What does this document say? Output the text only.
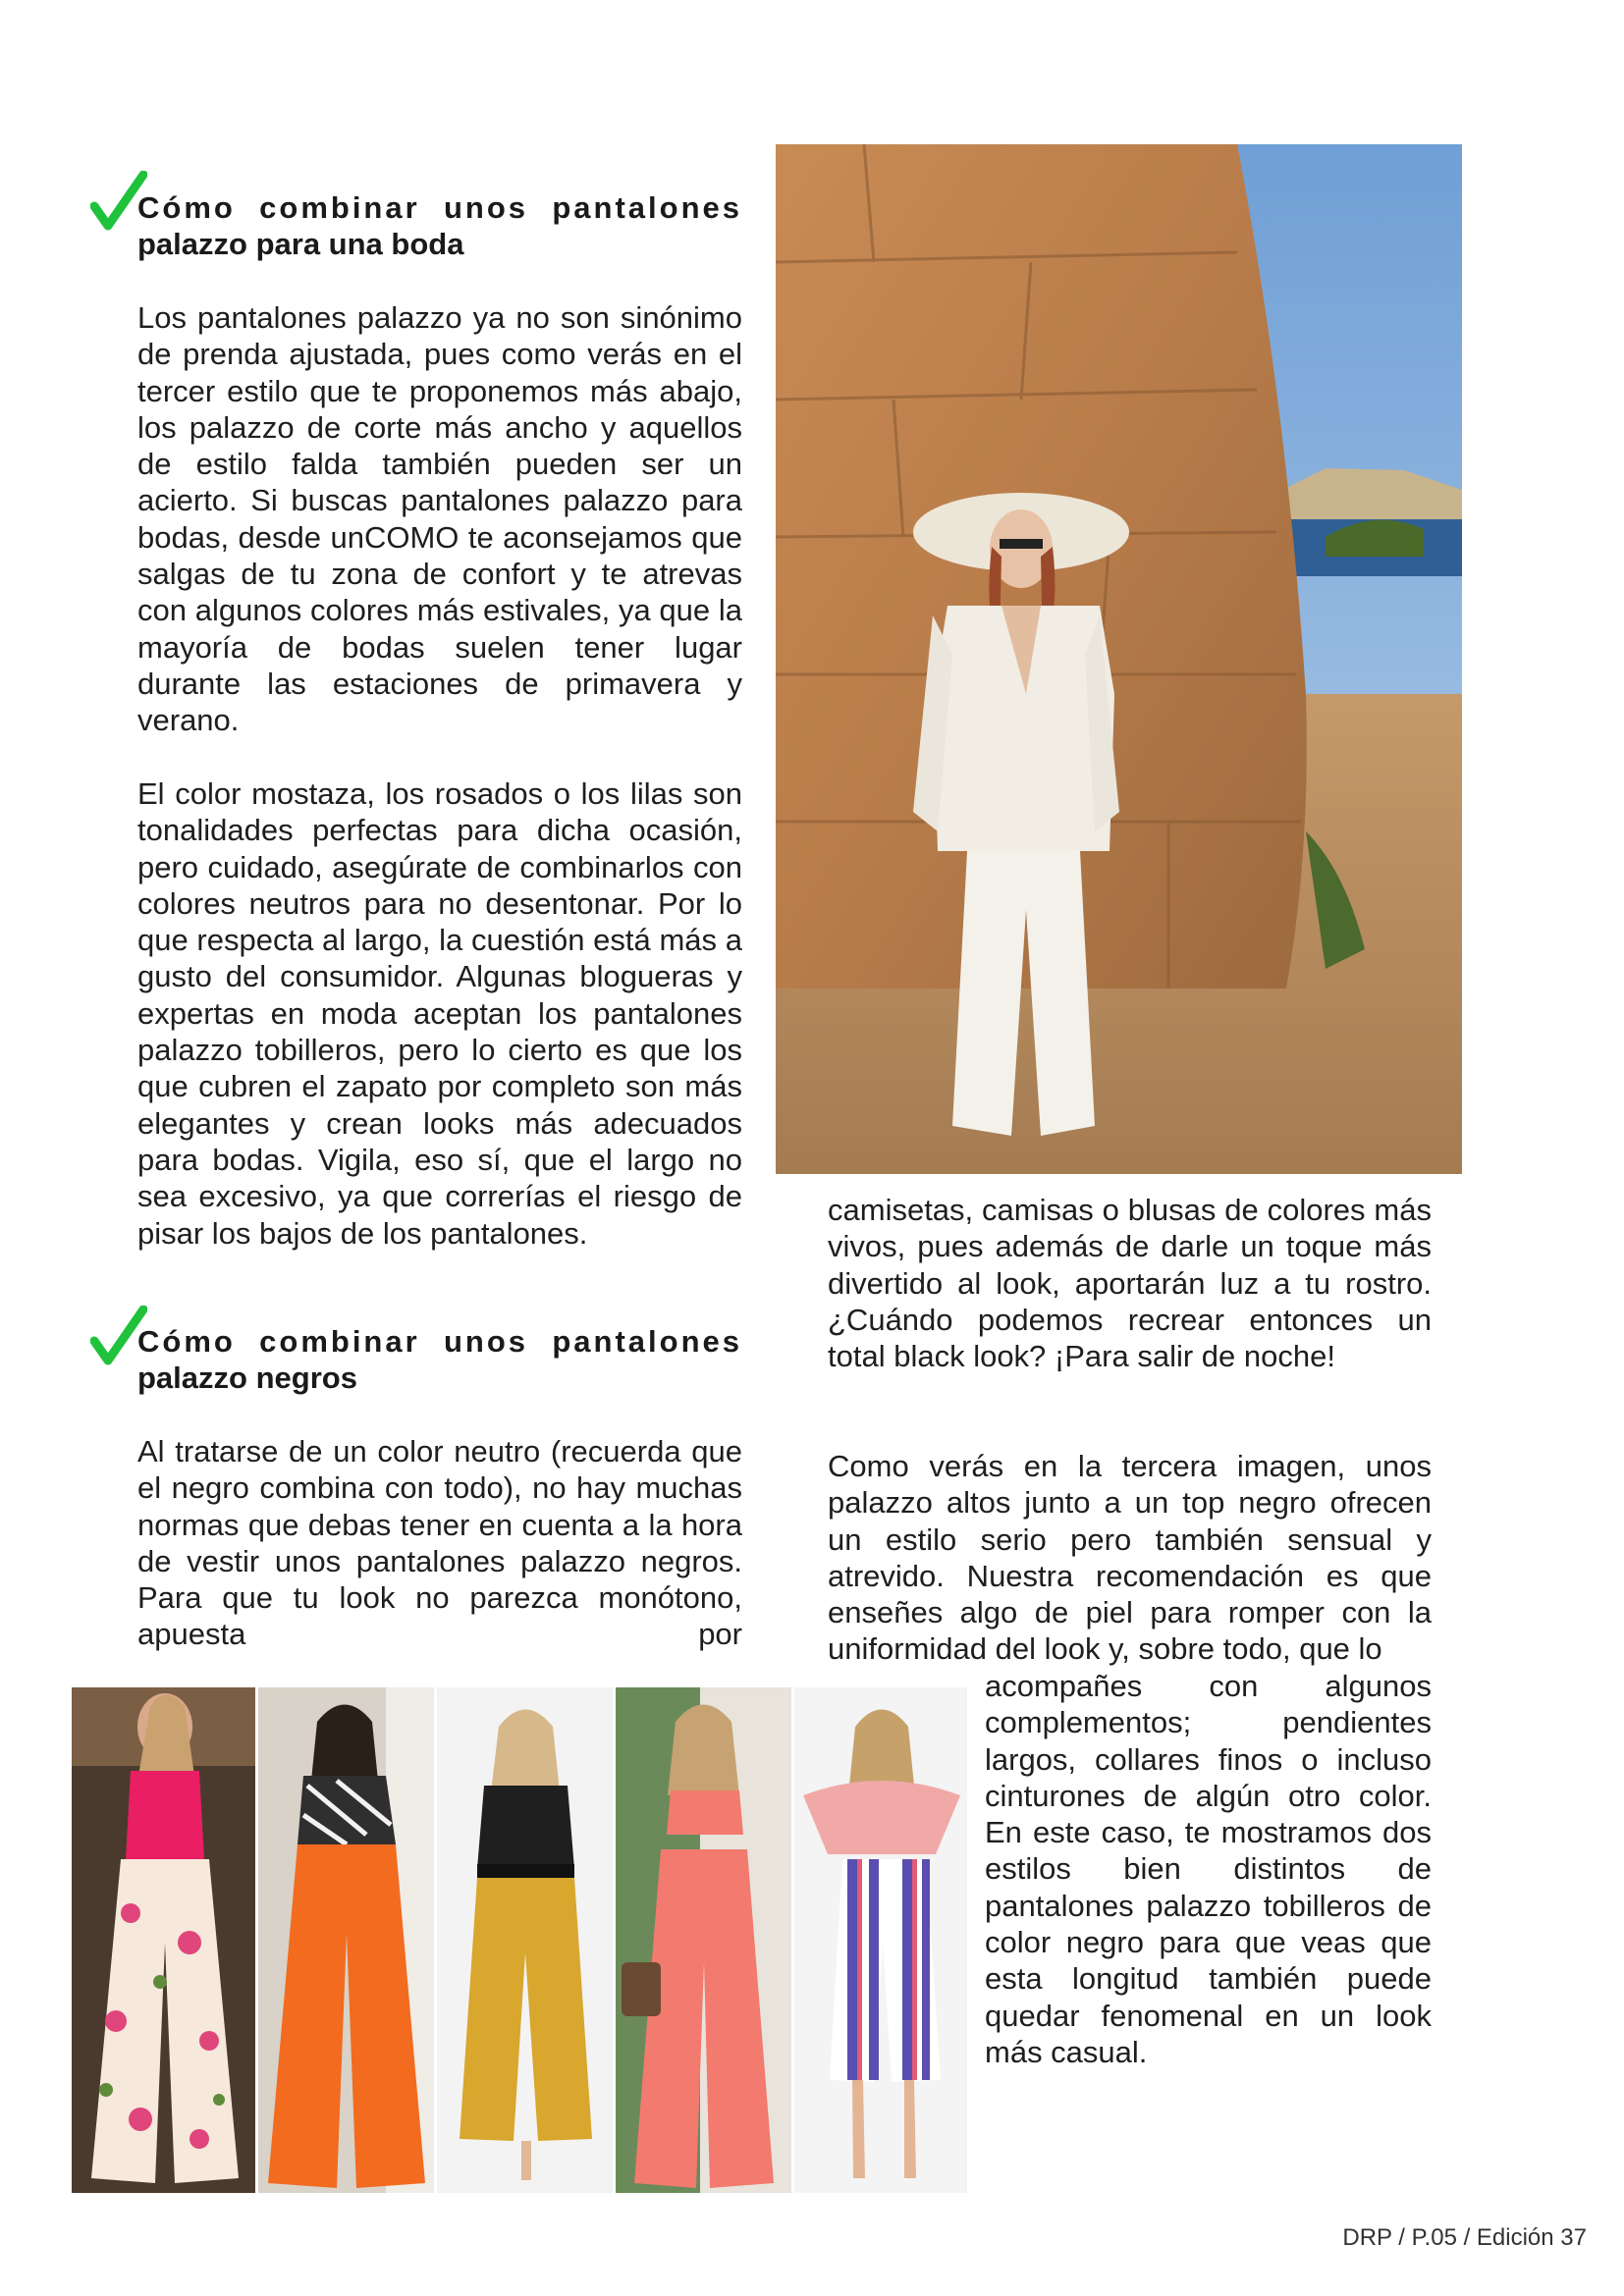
Cómo combinar unos pantalones
palazzo para una boda

Los pantalones palazzo ya no son sinónimo de prenda ajustada, pues como verás en el tercer estilo que te proponemos más abajo, los palazzo de corte más ancho y aquellos de estilo falda también pueden ser un acierto. Si buscas pantalones palazzo para bodas, desde unCOMO te aconsejamos que salgas de tu zona de confort y te atrevas con algunos colores más estivales, ya que la mayoría de bodas suelen tener lugar durante las estaciones de primavera y verano.

El color mostaza, los rosados o los lilas son tonalidades perfectas para dicha ocasión, pero cuidado, asegúrate de combinarlos con colores neutros para no desentonar. Por lo que respecta al largo, la cuestión está más a gusto del consumidor. Algunas blogueras y expertas en moda aceptan los pantalones palazzo tobilleros, pero lo cierto es que los que cubren el zapato por completo son más elegantes y crean looks más adecuados para bodas. Vigila, eso sí, que el largo no sea excesivo, ya que correrías el riesgo de pisar los bajos de los pantalones.

Cómo combinar unos pantalones
palazzo negros

Al tratarse de un color neutro (recuerda que el negro combina con todo), no hay muchas normas que debas tener en cuenta a la hora de vestir unos pantalones palazzo negros. Para que tu look no parezca monótono, apuesta por

camisetas, camisas o blusas de colores más vivos, pues además de darle un toque más divertido al look, aportarán luz a tu rostro. ¿Cuándo podemos recrear entonces un total black look? ¡Para salir de noche!

Como verás en la tercera imagen, unos palazzo altos junto a un top negro ofrecen un estilo serio pero también sensual y atrevido. Nuestra recomendación es que enseñes algo de piel para romper con la uniformidad del look y, sobre todo, que lo

acompañes con algunos complementos; pendientes largos, collares finos o incluso cinturones de algún otro color. En este caso, te mostramos dos estilos bien distintos de pantalones palazzo tobilleros de color negro para que veas que esta longitud también puede quedar fenomenal en un look más casual.

DRP / P.05 / Edición 37
